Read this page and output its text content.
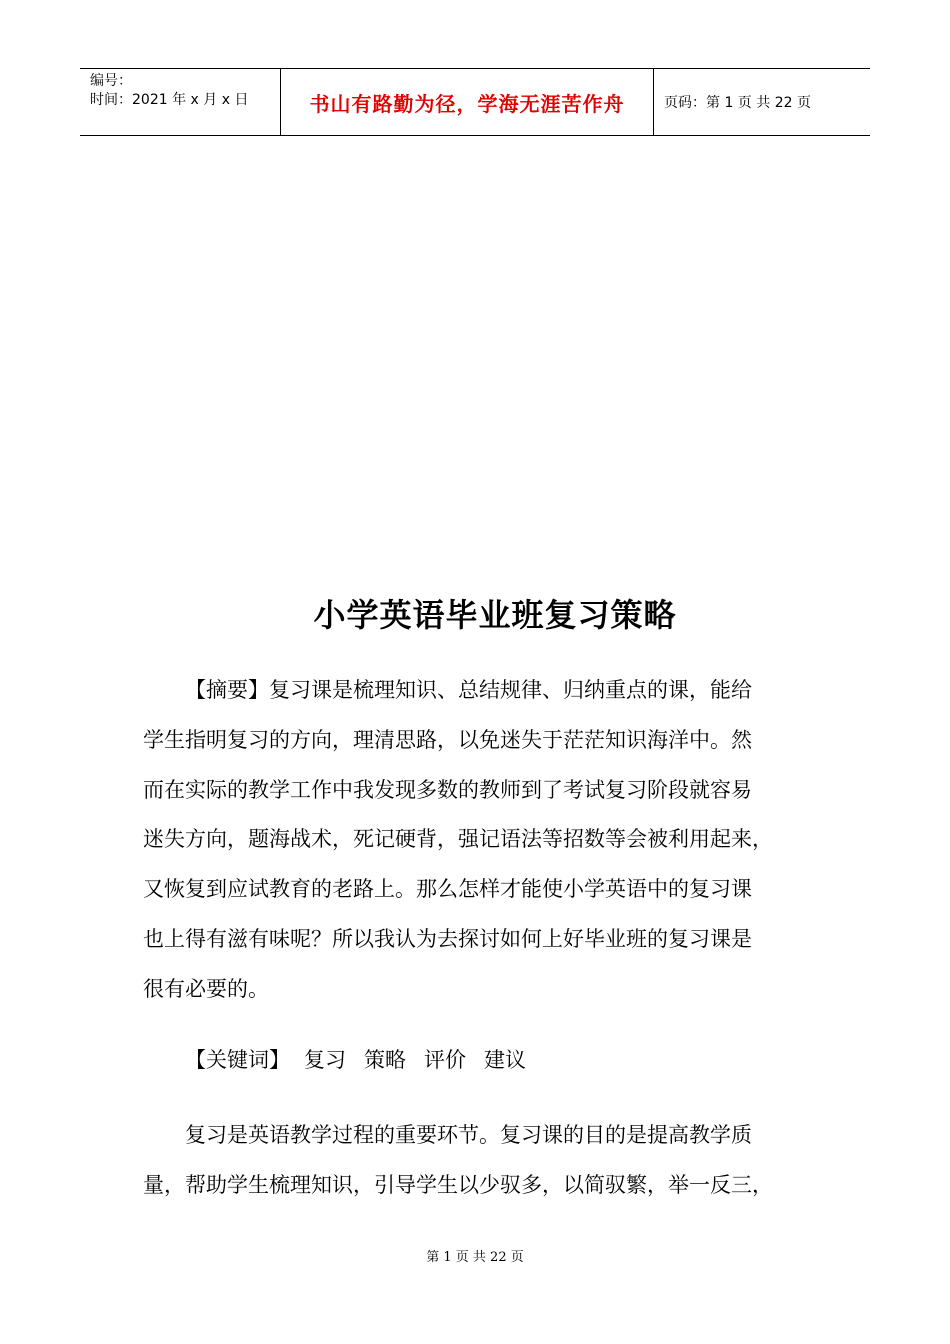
编号：
时间：2021 年 x 月 x 日	书山有路勤为径，学海无涯苦作舟	页码：第 1 页 共 22 页
小学英语毕业班复习策略
【摘要】复习课是梳理知识、总结规律、归纳重点的课，能给
学生指明复习的方向，理清思路，以免迷失于茫茫知识海洋中。然
而在实际的教学工作中我发现多数的教师到了考试复习阶段就容易
迷失方向，题海战术，死记硬背，强记语法等招数等会被利用起来，
又恢复到应试教育的老路上。那么怎样才能使小学英语中的复习课
也上得有滋有味呢？所以我认为去探讨如何上好毕业班的复习课是
很有必要的。
【关键词】 复习 策略 评价 建议
复习是英语教学过程的重要环节。复习课的目的是提高教学质
量，帮助学生梳理知识，引导学生以少驭多，以简驭繁，举一反三，
第 1 页 共 22 页
